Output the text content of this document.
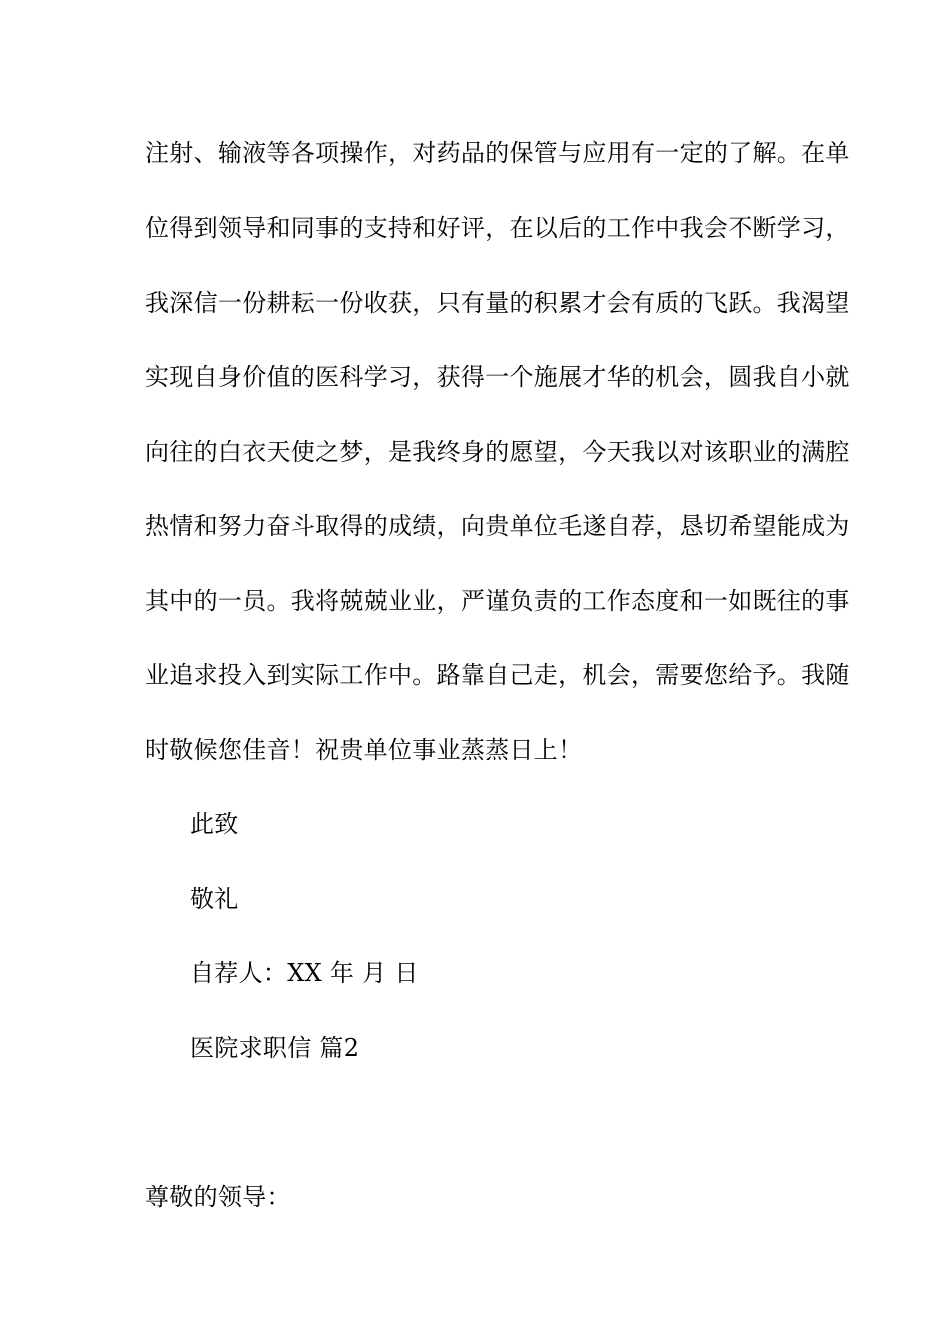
注射、输液等各项操作，对药品的保管与应用有一定的了解。在单
位得到领导和同事的支持和好评，在以后的工作中我会不断学习，
我深信一份耕耘一份收获，只有量的积累才会有质的飞跃。我渴望
实现自身价值的医科学习，获得一个施展才华的机会，圆我自小就
向往的白衣天使之梦，是我终身的愿望，今天我以对该职业的满腔
热情和努力奋斗取得的成绩，向贵单位毛遂自荐，恳切希望能成为
其中的一员。我将兢兢业业，严谨负责的工作态度和一如既往的事
业追求投入到实际工作中。路靠自己走，机会，需要您给予。我随
时敬候您佳音！祝贵单位事业蒸蒸日上！
此致
敬礼
自荐人：XX 年 月 日
医院求职信 篇2
尊敬的领导：
